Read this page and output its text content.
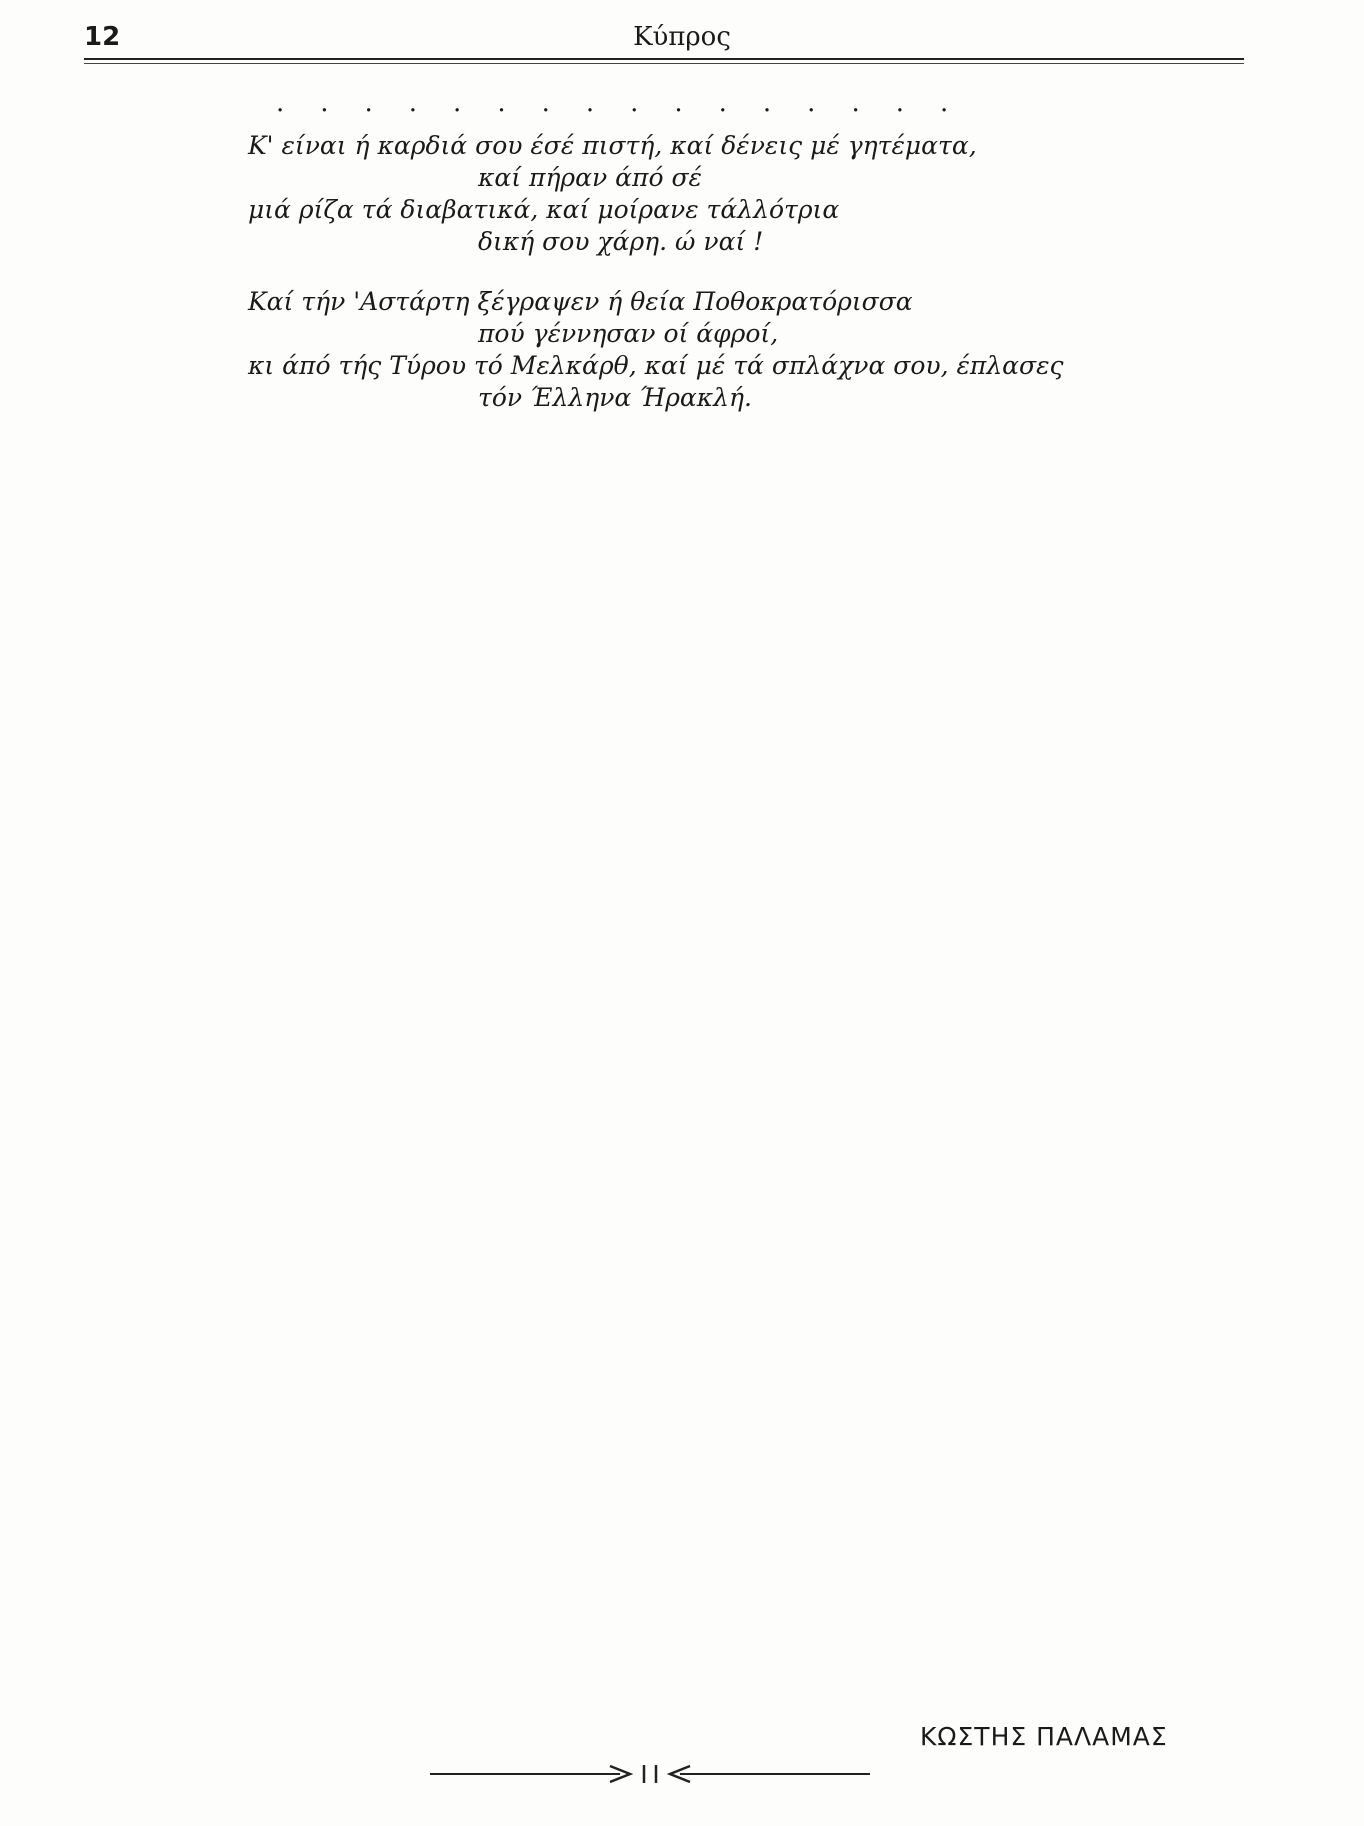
12	Κύπρος
................
Κ' είναι ή καρδιά σου έσέ πιστή, καί δένεις μέ γητέματα,
καί πήραν άπό σέ
μιά ρίζα τά διαβατικά, καί μοίρανε τάλλότρια
δική σου χάρη. ώ ναί !
Καί τήν 'Αστάρτη ξέγραψεν ή θεία Ποθοκρατόρισσα
πού γέννησαν οί άφροί,
κι άπό τής Τύρου τό Μελκάρθ, καί μέ τά σπλάχνα σου, έπλασες
τόν Έλληνα Ήρακλή.
ΚΩΣΤΗΣ ΠΑΛΑΜΑΣ
